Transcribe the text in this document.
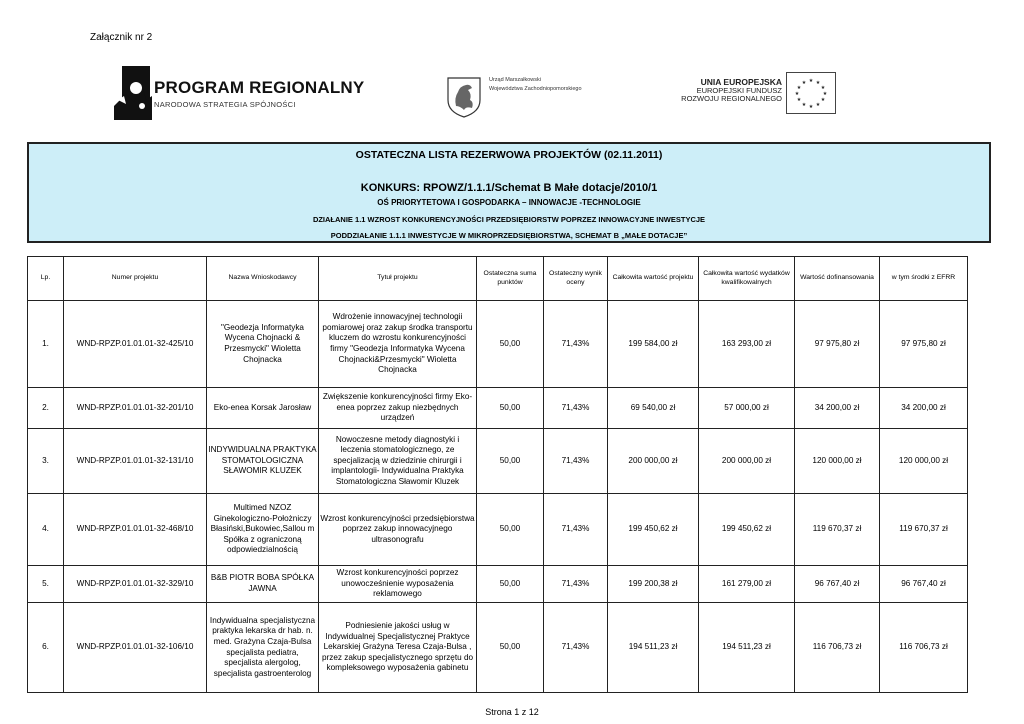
Załącznik nr 2
PROGRAM REGIONALNY
NARODOWA STRATEGIA SPÓJNOŚCI
Urząd Marszałkowski
Województwa Zachodniopomorskiego
UNIA EUROPEJSKA
EUROPEJSKI FUNDUSZ
ROZWOJU REGIONALNEGO
★ ★
★
★
★
★
★
★
★
★
★
★
OSTATECZNA LISTA REZERWOWA PROJEKTÓW (02.11.2011)
KONKURS: RPOWZ/1.1.1/Schemat B Małe dotacje/2010/1
OŚ PRIORYTETOWA I GOSPODARKA – INNOWACJE -TECHNOLOGIE
DZIAŁANIE 1.1 WZROST KONKURENCYJNOŚCI PRZEDSIĘBIORSTW POPRZEZ INNOWACYJNE INWESTYCJE
PODDZIAŁANIE 1.1.1 INWESTYCJE W MIKROPRZEDSIĘBIORSTWA, SCHEMAT B „MAŁE DOTACJE”
Lp.	Numer projektu	Nazwa Wnioskodawcy	Tytuł projektu	Ostateczna suma punktów	Ostateczny wynik oceny	Całkowita wartość projektu	Całkowita wartość wydatków kwalifikowalnych	Wartość dofinansowania	w tym środki z EFRR
1.	WND-RPZP.01.01.01-32-425/10	"Geodezja Informatyka Wycena Chojnacki & Przesmycki" Wioletta Chojnacka	Wdrożenie innowacyjnej technologii pomiarowej oraz zakup środka transportu kluczem do wzrostu konkurencyjności firmy "Geodezja Informatyka Wycena Chojnacki&Przesmycki" Wioletta Chojnacka	50,00	71,43%	199 584,00 zł	163 293,00 zł	97 975,80 zł	97 975,80 zł
2.	WND-RPZP.01.01.01-32-201/10	Eko-enea Korsak Jarosław	Zwiększenie konkurencyjności firmy Eko-enea poprzez zakup niezbędnych urządzeń	50,00	71,43%	69 540,00 zł	57 000,00 zł	34 200,00 zł	34 200,00 zł
3.	WND-RPZP.01.01.01-32-131/10	INDYWIDUALNA PRAKTYKA STOMATOLOGICZNA SŁAWOMIR KLUZEK	Nowoczesne metody diagnostyki i leczenia stomatologicznego, ze specjalizacją w dziedzinie chirurgii i implantologii- Indywidualna Praktyka Stomatologiczna Sławomir Kluzek	50,00	71,43%	200 000,00 zł	200 000,00 zł	120 000,00 zł	120 000,00 zł
4.	WND-RPZP.01.01.01-32-468/10	Multimed NZOZ Ginekologiczno-Położniczy Błasiński,Bukowiec,Sallou m Spółka z ograniczoną odpowiedzialnością	Wzrost konkurencyjności przedsiębiorstwa poprzez zakup innowacyjnego ultrasonografu	50,00	71,43%	199 450,62 zł	199 450,62 zł	119 670,37 zł	119 670,37 zł
5.	WND-RPZP.01.01.01-32-329/10	B&B PIOTR BOBA SPÓŁKA JAWNA	Wzrost konkurencyjności poprzez unowocześnienie wyposażenia reklamowego	50,00	71,43%	199 200,38 zł	161 279,00 zł	96 767,40 zł	96 767,40 zł
6.	WND-RPZP.01.01.01-32-106/10	Indywidualna specjalistyczna praktyka lekarska dr hab. n. med. Grażyna Czaja-Bulsa specjalista pediatra, specjalista alergolog, specjalista gastroenterolog	Podniesienie jakości usług w Indywidualnej Specjalistycznej Praktyce Lekarskiej Grażyna Teresa Czaja-Bulsa , przez zakup specjalistycznego sprzętu do kompleksowego wyposażenia gabinetu	50,00	71,43%	194 511,23 zł	194 511,23 zł	116 706,73 zł	116 706,73 zł
Strona 1 z 12
